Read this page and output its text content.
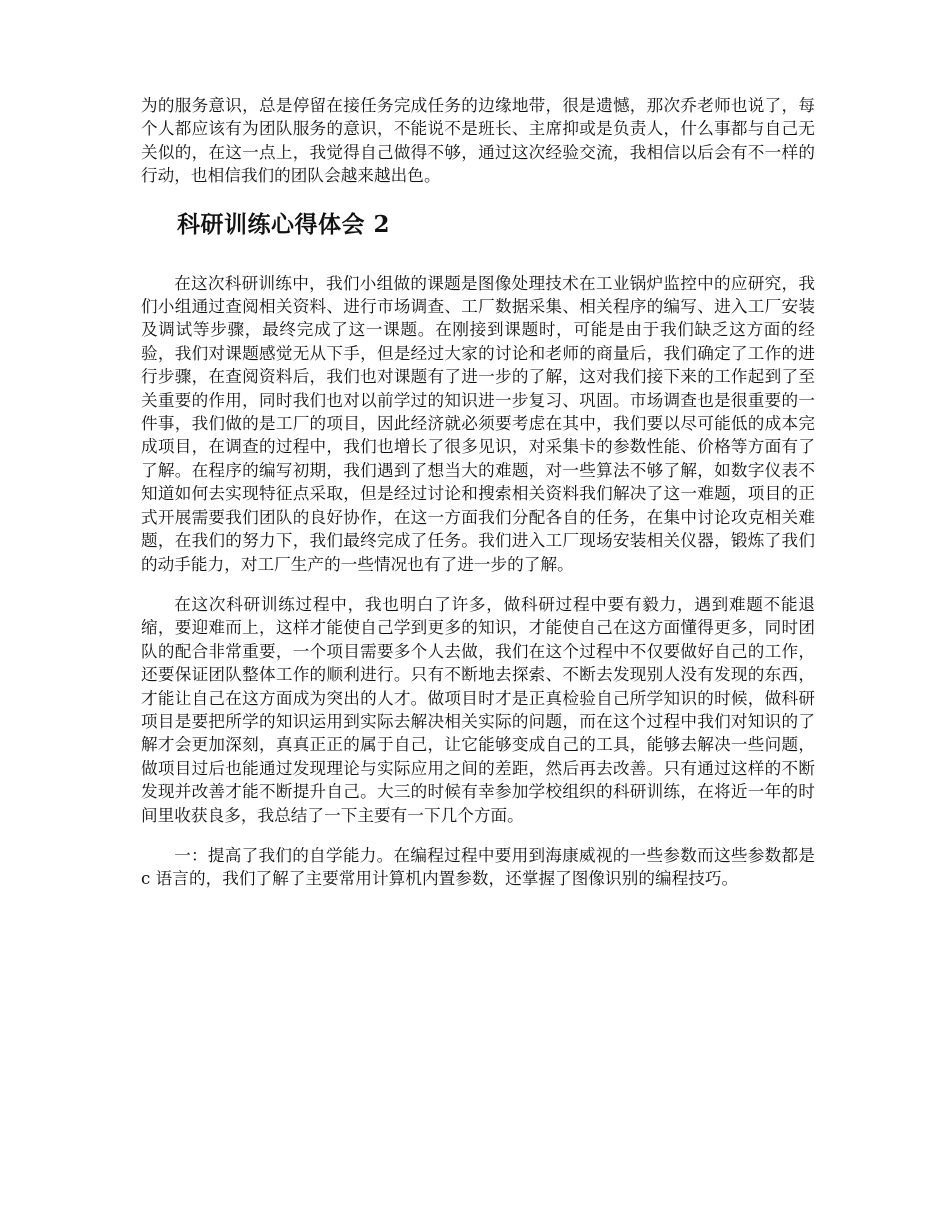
为的服务意识，总是停留在接任务完成任务的边缘地带，很是遗憾，那次乔老师也说了，每个人都应该有为团队服务的意识，不能说不是班长、主席抑或是负责人，什么事都与自己无关似的，在这一点上，我觉得自己做得不够，通过这次经验交流，我相信以后会有不一样的行动，也相信我们的团队会越来越出色。

科研训练心得体会 2

在这次科研训练中，我们小组做的课题是图像处理技术在工业锅炉监控中的应研究，我们小组通过查阅相关资料、进行市场调查、工厂数据采集、相关程序的编写、进入工厂安装及调试等步骤，最终完成了这一课题。在刚接到课题时，可能是由于我们缺乏这方面的经验，我们对课题感觉无从下手，但是经过大家的讨论和老师的商量后，我们确定了工作的进行步骤，在查阅资料后，我们也对课题有了进一步的了解，这对我们接下来的工作起到了至关重要的作用，同时我们也对以前学过的知识进一步复习、巩固。市场调查也是很重要的一件事，我们做的是工厂的项目，因此经济就必须要考虑在其中，我们要以尽可能低的成本完成项目，在调查的过程中，我们也增长了很多见识，对采集卡的参数性能、价格等方面有了了解。在程序的编写初期，我们遇到了想当大的难题，对一些算法不够了解，如数字仪表不知道如何去实现特征点采取，但是经过讨论和搜索相关资料我们解决了这一难题，项目的正式开展需要我们团队的良好协作，在这一方面我们分配各自的任务，在集中讨论攻克相关难题，在我们的努力下，我们最终完成了任务。我们进入工厂现场安装相关仪器，锻炼了我们的动手能力，对工厂生产的一些情况也有了进一步的了解。

在这次科研训练过程中，我也明白了许多，做科研过程中要有毅力，遇到难题不能退缩，要迎难而上，这样才能使自己学到更多的知识，才能使自己在这方面懂得更多，同时团队的配合非常重要，一个项目需要多个人去做，我们在这个过程中不仅要做好自己的工作，还要保证团队整体工作的顺利进行。只有不断地去探索、不断去发现别人没有发现的东西，才能让自己在这方面成为突出的人才。做项目时才是正真检验自己所学知识的时候，做科研项目是要把所学的知识运用到实际去解决相关实际的问题，而在这个过程中我们对知识的了解才会更加深刻，真真正正的属于自己，让它能够变成自己的工具，能够去解决一些问题，做项目过后也能通过发现理论与实际应用之间的差距，然后再去改善。只有通过这样的不断发现并改善才能不断提升自己。大三的时候有幸参加学校组织的科研训练，在将近一年的时间里收获良多，我总结了一下主要有一下几个方面。

一：提高了我们的自学能力。在编程过程中要用到海康威视的一些参数而这些参数都是 c 语言的，我们了解了主要常用计算机内置参数，还掌握了图像识别的编程技巧。
